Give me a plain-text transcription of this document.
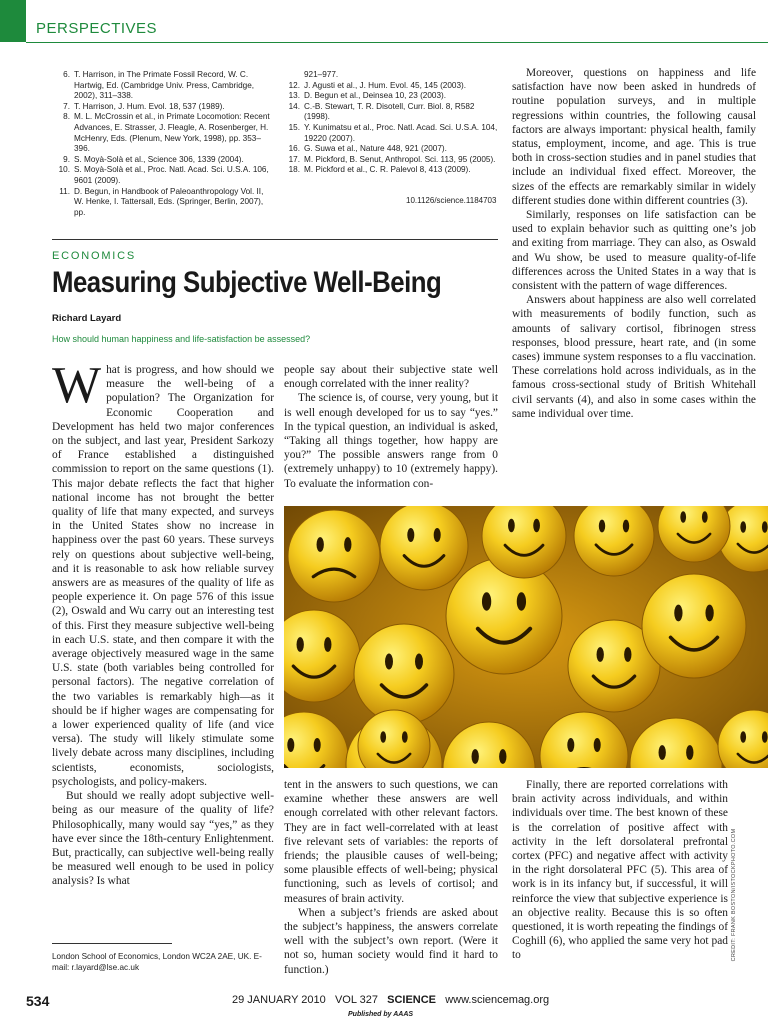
PERSPECTIVES
6. T. Harrison, in The Primate Fossil Record, W. C. Hartwig, Ed. (Cambridge Univ. Press, Cambridge, 2002), 311–338.
7. T. Harrison, J. Hum. Evol. 18, 537 (1989).
8. M. L. McCrossin et al., in Primate Locomotion: Recent Advances, E. Strasser, J. Fleagle, A. Rosenberger, H. McHenry, Eds. (Plenum, New York, 1998), pp. 353–396.
9. S. Moyà-Solà et al., Science 306, 1339 (2004).
10. S. Moyà-Solà et al., Proc. Natl. Acad. Sci. U.S.A. 106, 9601 (2009).
11. D. Begun, in Handbook of Paleoanthropology Vol. II, W. Henke, I. Tattersall, Eds. (Springer, Berlin, 2007), pp.
921–977.
12. J. Agusti et al., J. Hum. Evol. 45, 145 (2003).
13. D. Begun et al., Deinsea 10, 23 (2003).
14. C.-B. Stewart, T. R. Disotell, Curr. Biol. 8, R582 (1998).
15. Y. Kunimatsu et al., Proc. Natl. Acad. Sci. U.S.A. 104, 19220 (2007).
16. G. Suwa et al., Nature 448, 921 (2007).
17. M. Pickford, B. Senut, Anthropol. Sci. 113, 95 (2005).
18. M. Pickford et al., C. R. Palevol 8, 413 (2009).
10.1126/science.1184703
ECONOMICS
Measuring Subjective Well-Being
Richard Layard
How should human happiness and life-satisfaction be assessed?

What is progress, and how should we measure the well-being of a population? The Organization for Economic Cooperation and Development has held two major conferences on the subject, and last year, President Sarkozy of France established a distinguished commission to report on the same questions (1). This major debate reflects the fact that higher national income has not brought the better quality of life that many expected, and surveys in the United States show no increase in happiness over the past 60 years. These surveys rely on questions about subjective well-being, and it is reasonable to ask how reliable survey answers are as measures of the quality of life as people experience it. On page 576 of this issue (2), Oswald and Wu carry out an interesting test of this. First they measure subjective well-being in each U.S. state, and then compare it with the average objectively measured wage in the same U.S. state (both variables being controlled for personal factors). The negative correlation of the two variables is remarkably high—as it should be if higher wages are compensating for a lower experienced quality of life (and vice versa). The study will likely stimulate some lively debate across many disciplines, including scientists, economists, sociologists, psychologists, and policy-makers.

But should we really adopt subjective well-being as our measure of the quality of life? Philosophically, many would say “yes,” as they have ever since the 18th-century Enlightenment. But, practically, can subjective well-being really be measured well enough to be used in policy analysis? Is what

people say about their subjective state well enough correlated with the inner reality?

The science is, of course, very young, but it is well enough developed for us to say “yes.” In the typical question, an individual is asked, “Taking all things together, how happy are you?” The possible answers range from 0 (extremely unhappy) to 10 (extremely happy). To evaluate the information con-

Moreover, questions on happiness and life satisfaction have now been asked in hundreds of routine population surveys, and in multiple regressions within countries, the following causal factors are always important: physical health, family status, employment, income, and age. This is true both in cross-section studies and in panel studies that include an individual fixed effect. Moreover, the sizes of the effects are remarkably similar in widely different studies done within different countries (3).

Similarly, responses on life satisfaction can be used to explain behavior such as quitting one’s job and exiting from marriage. They can also, as Oswald and Wu show, be used to measure quality-of-life differences across the United States in a way that is consistent with the pattern of wage differences.

Answers about happiness are also well correlated with measurements of bodily function, such as amounts of salivary cortisol, fibrinogen stress responses, blood pressure, heart rate, and (in some cases) immune system responses to a flu vaccination. These correlations hold across individuals, as in the famous cross-sectional study of British Whitehall civil servants (4), and also in some cases within the same individual over time.

tent in the answers to such questions, we can examine whether these answers are well enough correlated with other relevant factors. They are in fact well-correlated with at least five relevant sets of variables: the reports of friends; the plausible causes of well-being; some plausible effects of well-being; physical functioning, such as levels of cortisol; and measures of brain activity.

When a subject’s friends are asked about the subject’s happiness, the answers correlate well with the subject’s own report. (Were it not so, human society would find it hard to function.)

Finally, there are reported correlations with brain activity across individuals, and within individuals over time. The best known of these is the correlation of positive affect with activity in the left dorsolateral prefrontal cortex (PFC) and negative affect with activity in the right dorsolateral PFC (5). This area of work is in its infancy but, if successful, it will reinforce the view that subjective experience is an objective reality. Because this is so often questioned, it is worth repeating the findings of Coghill (6), who applied the same very hot pad to	CREDIT: FRANK BOSTON/ISTOCKPHOTO.COM
London School of Economics, London WC2A 2AE, UK. E-mail: r.layard@lse.ac.uk
534	29 JANUARY 2010 VOL 327 SCIENCE www.sciencemag.org
Published by AAAS
